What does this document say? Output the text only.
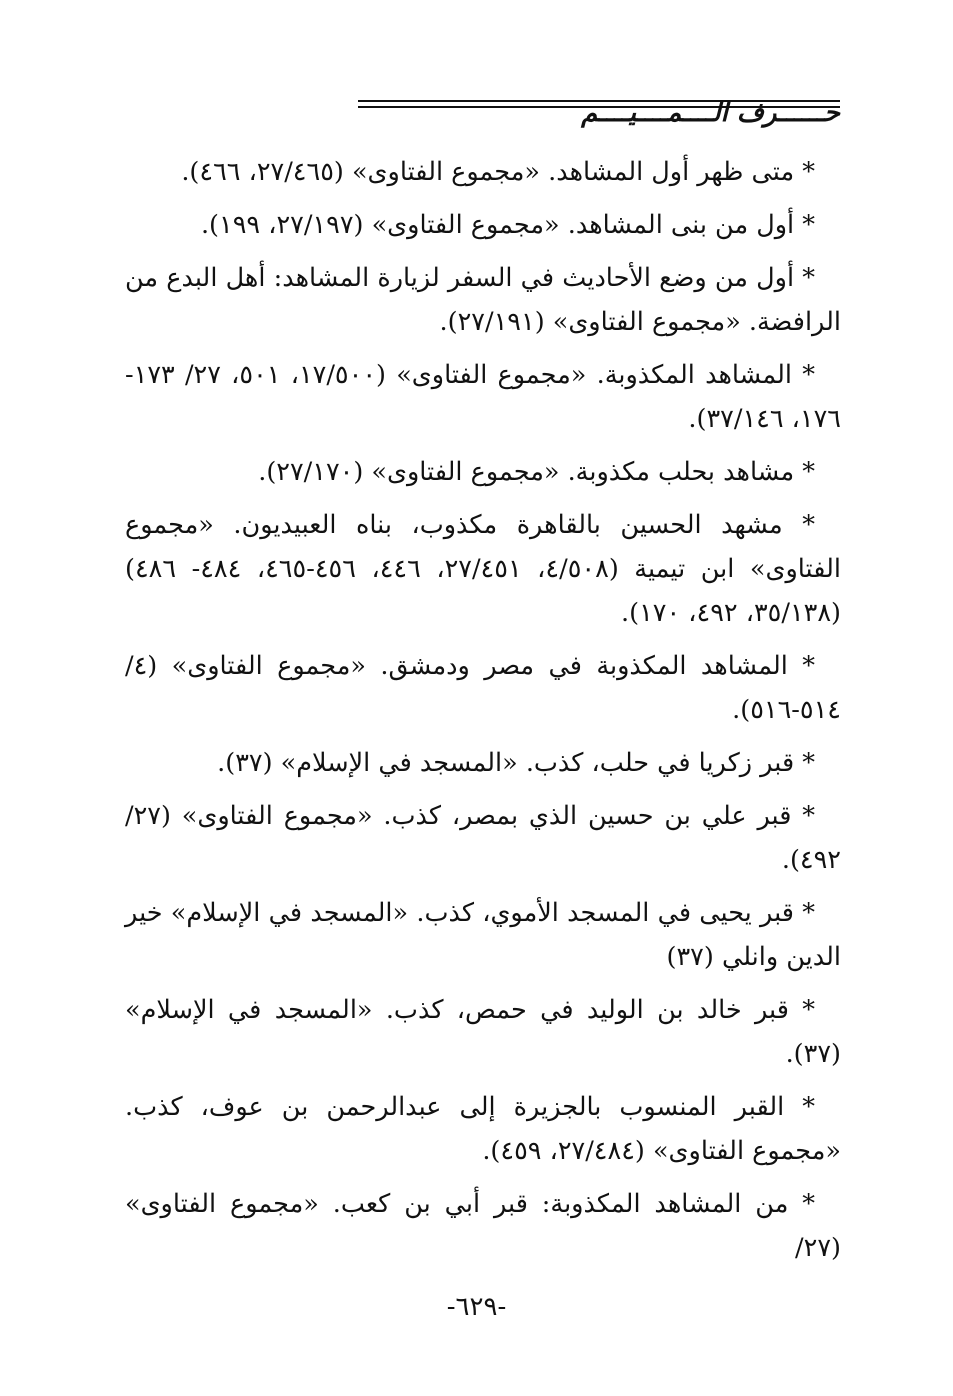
حــــــرف الــــمــــيــــم

* متى ظهر أول المشاهد. «مجموع الفتاوى» (٢٧/٤٦٥، ٤٦٦).

* أول من بنى المشاهد. «مجموع الفتاوى» (٢٧/١٩٧، ١٩٩).

* أول من وضع الأحاديث في السفر لزيارة المشاهد: أهل البدع من الرافضة. «مجموع الفتاوى» (٢٧/١٩١).

* المشاهد المكذوبة. «مجموع الفتاوى» (١٧/٥٠٠، ٥٠١، ٢٧/ ١٧٣- ١٧٦، ٣٧/١٤٦).

* مشاهد بحلب مكذوبة. «مجموع الفتاوى» (٢٧/١٧٠).

* مشهد الحسين بالقاهرة مكذوب، بناه العبيديون. «مجموع الفتاوى» ابن تيمية (٤/٥٠٨، ٢٧/٤٥١، ٤٤٦، ٤٥٦-٤٦٥، ٤٨٤- ٤٨٦) (٣٥/١٣٨، ٤٩٢، ١٧٠).

* المشاهد المكذوبة في مصر ودمشق. «مجموع الفتاوى» (٤/ ٥١٤-٥١٦).

* قبر زكريا في حلب، كذب. «المسجد في الإسلام» (٣٧).

* قبر علي بن حسين الذي بمصر، كذب. «مجموع الفتاوى» (٢٧/ ٤٩٢).

* قبر يحيى في المسجد الأموي، كذب. «المسجد في الإسلام» خير الدين وانلي (٣٧)

* قبر خالد بن الوليد في حمص، كذب. «المسجد في الإسلام» (٣٧).

* القبر المنسوب بالجزيرة إلى عبدالرحمن بن عوف، كذب. «مجموع الفتاوى» (٢٧/٤٨٤، ٤٥٩).

* من المشاهد المكذوبة: قبر أبي بن كعب. «مجموع الفتاوى» (٢٧/

-٦٢٩-
